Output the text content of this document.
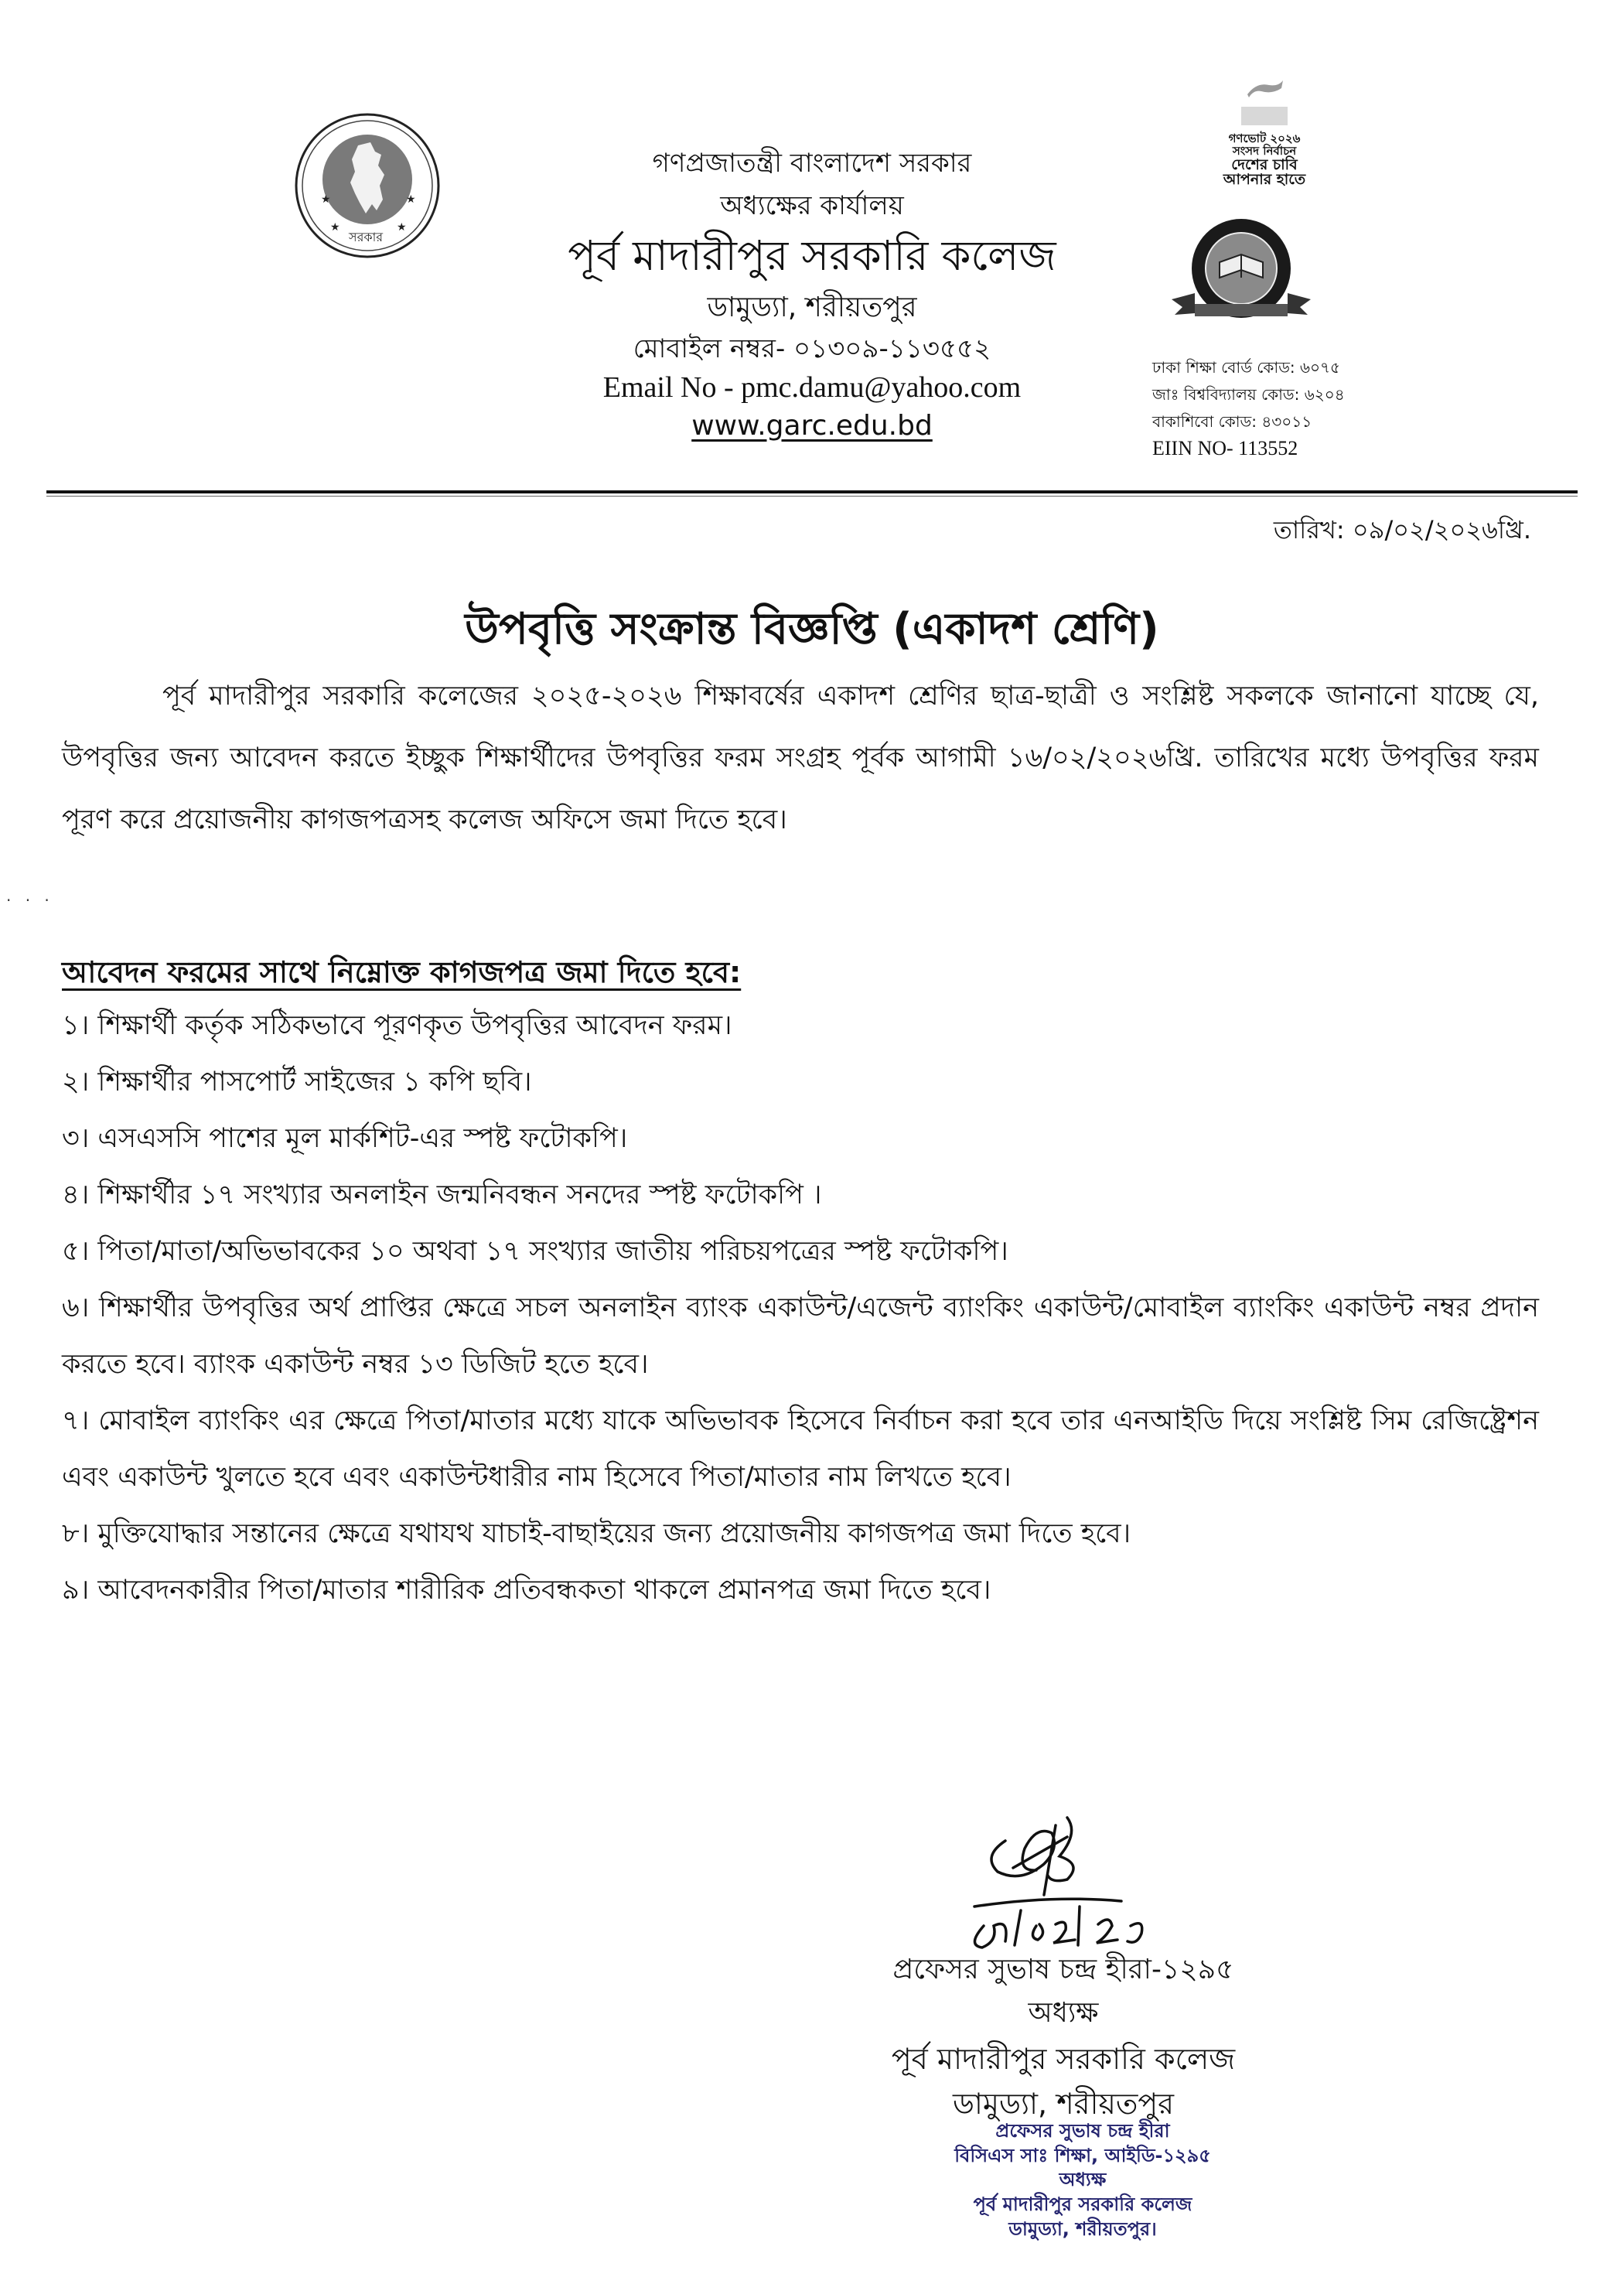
★	★
★	★
সরকার
গণপ্রজাতন্ত্রী বাংলাদেশ সরকার
অধ্যক্ষের কার্যালয়
পূর্ব মাদারীপুর সরকারি কলেজ
ডামুড্যা, শরীয়তপুর
মোবাইল নম্বর- ০১৩০৯-১১৩৫৫২
Email No - pmc.damu@yahoo.com
www.garc.edu.bd
গণভোট ২০২৬
সংসদ নির্বাচন
দেশের চাবি
আপনার হাতে
ঢাকা শিক্ষা বোর্ড কোড: ৬০৭৫
জাঃ বিশ্ববিদ্যালয় কোড: ৬২০৪
বাকাশিবো কোড: ৪৩০১১
EIIN NO- 113552
তারিখ: ০৯/০২/২০২৬খ্রি.
উপবৃত্তি সংক্রান্ত বিজ্ঞপ্তি (একাদশ শ্রেণি)
পূর্ব মাদারীপুর সরকারি কলেজের ২০২৫-২০২৬ শিক্ষাবর্ষের একাদশ শ্রেণির ছাত্র-ছাত্রী ও সংশ্লিষ্ট সকলকে জানানো যাচ্ছে যে, উপবৃত্তির জন্য আবেদন করতে ইচ্ছুক শিক্ষার্থীদের উপবৃত্তির ফরম সংগ্রহ পূর্বক আগামী ১৬/০২/২০২৬খ্রি. তারিখের মধ্যে উপবৃত্তির ফরম পূরণ করে প্রয়োজনীয় কাগজপত্রসহ কলেজ অফিসে জমা দিতে হবে।
· · ·
আবেদন ফরমের সাথে নিম্নোক্ত কাগজপত্র জমা দিতে হবে:
১। শিক্ষার্থী কর্তৃক সঠিকভাবে পূরণকৃত উপবৃত্তির আবেদন ফরম।
২। শিক্ষার্থীর পাসপোর্ট সাইজের ১ কপি ছবি।
৩। এসএসসি পাশের মূল মার্কশিট-এর স্পষ্ট ফটোকপি।
৪। শিক্ষার্থীর ১৭ সংখ্যার অনলাইন জন্মনিবন্ধন সনদের স্পষ্ট ফটোকপি ।
৫। পিতা/মাতা/অভিভাবকের ১০ অথবা ১৭ সংখ্যার জাতীয় পরিচয়পত্রের স্পষ্ট ফটোকপি।
৬। শিক্ষার্থীর উপবৃত্তির অর্থ প্রাপ্তির ক্ষেত্রে সচল অনলাইন ব্যাংক একাউন্ট/এজেন্ট ব্যাংকিং একাউন্ট/মোবাইল ব্যাংকিং একাউন্ট নম্বর প্রদান করতে হবে। ব্যাংক একাউন্ট নম্বর ১৩ ডিজিট হতে হবে।
৭। মোবাইল ব্যাংকিং এর ক্ষেত্রে পিতা/মাতার মধ্যে যাকে অভিভাবক হিসেবে নির্বাচন করা হবে তার এনআইডি দিয়ে সংশ্লিষ্ট সিম রেজিষ্ট্রেশন এবং একাউন্ট খুলতে হবে এবং একাউন্টধারীর নাম হিসেবে পিতা/মাতার নাম লিখতে হবে।
৮। মুক্তিযোদ্ধার সন্তানের ক্ষেত্রে যথাযথ যাচাই-বাছাইয়ের জন্য প্রয়োজনীয় কাগজপত্র জমা দিতে হবে।
৯। আবেদনকারীর পিতা/মাতার শারীরিক প্রতিবন্ধকতা থাকলে প্রমানপত্র জমা দিতে হবে।
প্রফেসর সুভাষ চন্দ্র হীরা-১২৯৫
অধ্যক্ষ
পূর্ব মাদারীপুর সরকারি কলেজ
ডামুড্যা, শরীয়তপুর
প্রফেসর সুভাষ চন্দ্র হীরা
বিসিএস সাঃ শিক্ষা, আইডি-১২৯৫
অধ্যক্ষ
পূর্ব মাদারীপুর সরকারি কলেজ
ডামুড্যা, শরীয়তপুর।
